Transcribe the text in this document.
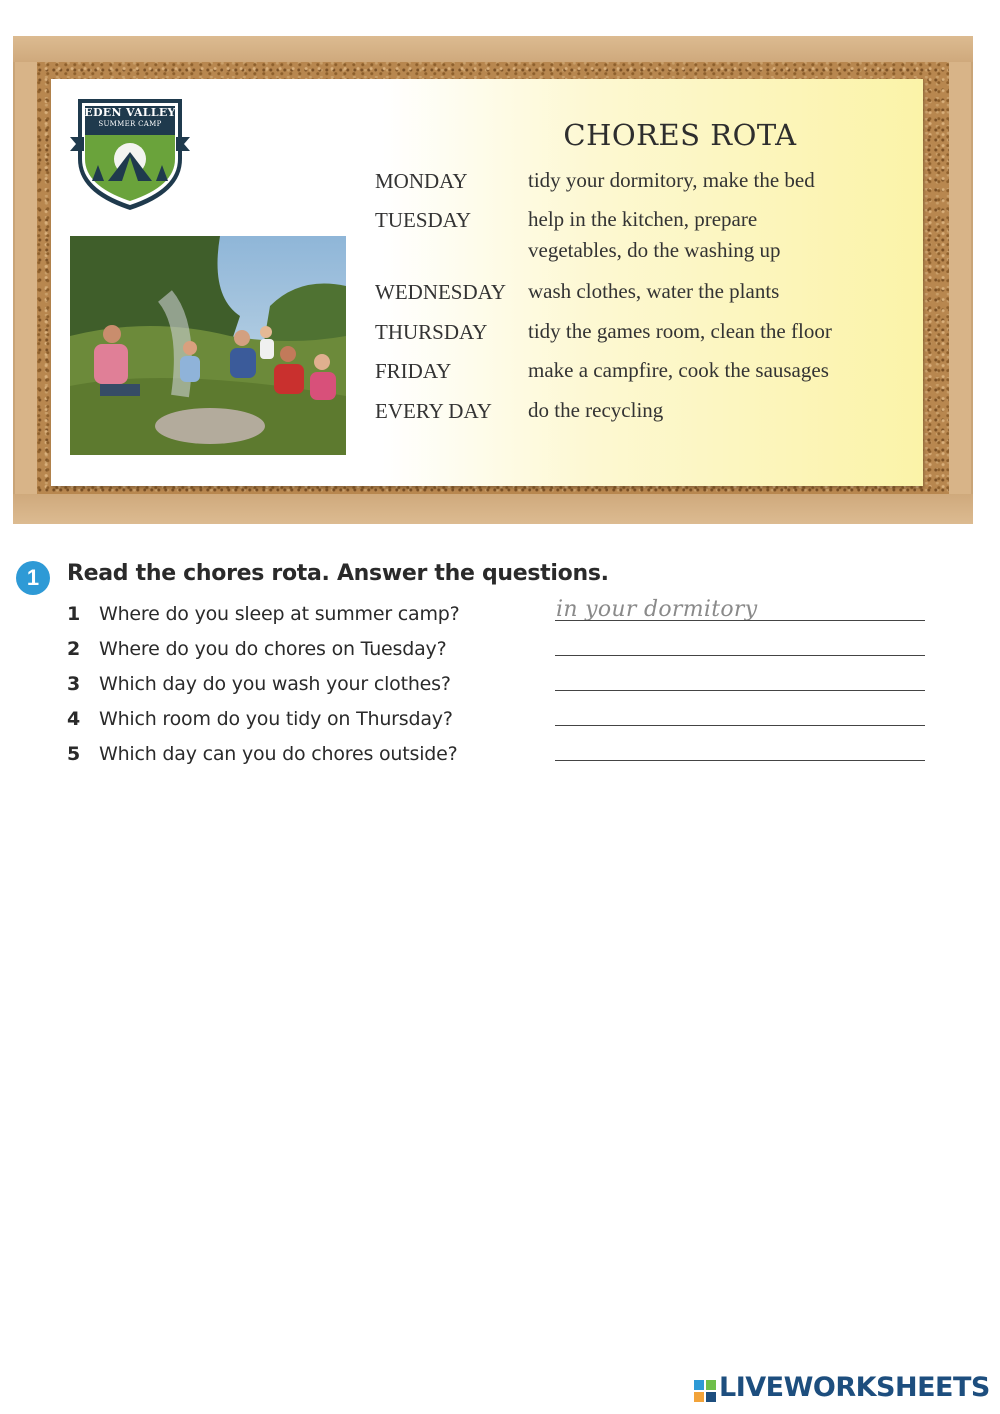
EDEN VALLEY
SUMMER CAMP	CHORES ROTA
MONDAY	tidy your dormitory, make the bed
TUESDAY	help in the kitchen, prepare
vegetables, do the washing up
WEDNESDAY wash clothes, water the plants
THURSDAY tidy the games room, clean the floor
FRIDAY	make a campfire, cook the sausages
EVERY DAY do the recycling
1	Read the chores rota. Answer the questions.
1 Where do you sleep at summer camp?	in your dormitory
2 Where do you do chores on Tuesday?
3 Which day do you wash your clothes?
4 Which room do you tidy on Thursday?
5 Which day can you do chores outside?
LIVEWORKSHEETS
